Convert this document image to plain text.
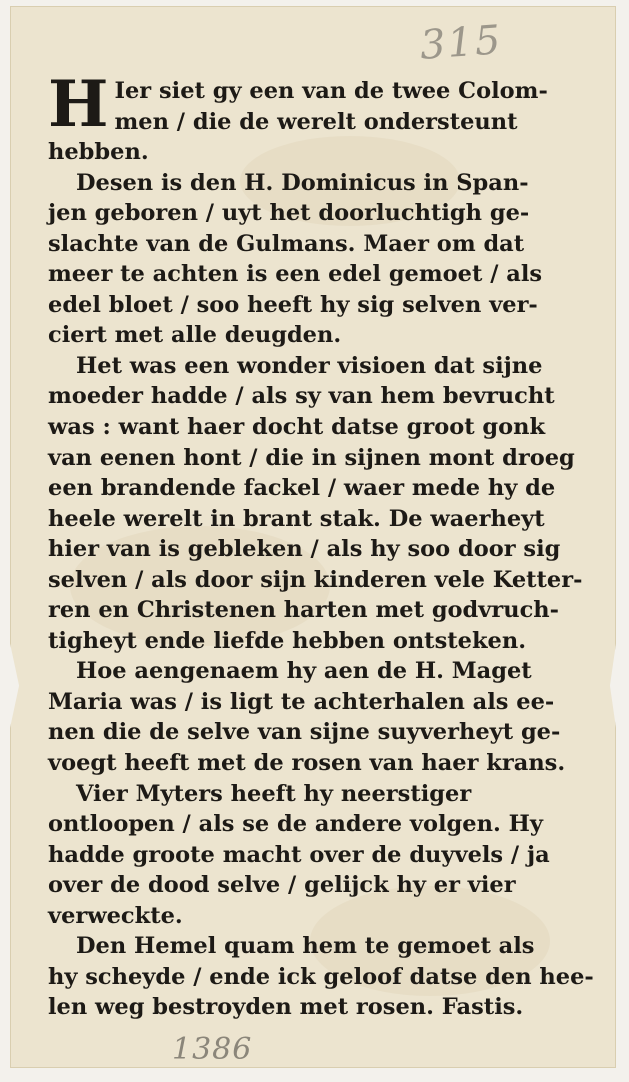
315
H Ier siet gy een van de twee Colom-
men / die de werelt ondersteunt
hebben.
Desen is den H. Dominicus in Span-
jen geboren / uyt het doorluchtigh ge-
slachte van de Gulmans. Maer om dat
meer te achten is een edel gemoet / als
edel bloet / soo heeft hy sig selven ver-
ciert met alle deugden.
Het was een wonder visioen dat sijne
moeder hadde / als sy van hem bevrucht
was : want haer docht datse groot gonk
van eenen hont / die in sijnen mont droeg
een brandende fackel / waer mede hy de
heele werelt in brant stak. De waerheyt
hier van is gebleken / als hy soo door sig
selven / als door sijn kinderen vele Ketter-
ren en Christenen harten met godvruch-
tigheyt ende liefde hebben ontsteken.
Hoe aengenaem hy aen de H. Maget
Maria was / is ligt te achterhalen als ee-
nen die de selve van sijne suyverheyt ge-
voegt heeft met de rosen van haer krans.
Vier Myters heeft hy neerstiger
ontloopen / als se de andere volgen. Hy
hadde groote macht over de duyvels / ja
over de dood selve / gelijck hy er vier
verweckte.
Den Hemel quam hem te gemoet als
hy scheyde / ende ick geloof datse den hee-
len weg bestroyden met rosen. Fastis.
1386
